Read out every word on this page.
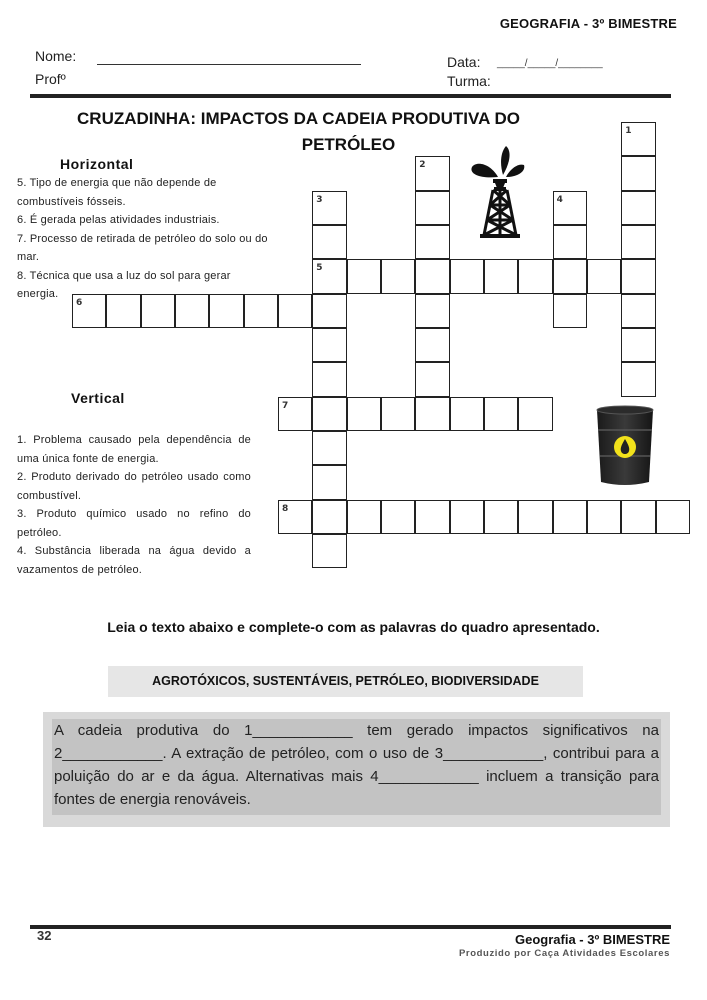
GEOGRAFIA - 3º BIMESTRE
Nome:
Profº
Data: _____/_____/________
Turma:
CRUZADINHA: IMPACTOS DA CADEIA PRODUTIVA DO
PETRÓLEO
Horizontal
5. Tipo de energia que não depende de combustíveis fósseis.
6. É gerada pelas atividades industriais.
7. Processo de retirada de petróleo do solo ou do mar.
8. Técnica que usa a luz do sol para gerar energia.
Vertical
1. Problema causado pela dependência de uma única fonte de energia.
2. Produto derivado do petróleo usado como combustível.
3. Produto químico usado no refino do petróleo.
4. Substância liberada na água devido a vazamentos de petróleo.
1
2
3
5
4
6
7
8
Leia o texto abaixo e complete-o com as palavras do quadro apresentado.
AGROTÓXICOS, SUSTENTÁVEIS, PETRÓLEO, BIODIVERSIDADE
A cadeia produtiva do 1____________ tem gerado impactos significativos na 2____________. A extração de petróleo, com o uso de 3____________, contribui para a poluição do ar e da água. Alternativas mais 4____________ incluem a transição para fontes de energia renováveis.
32	Geografia - 3º BIMESTRE
Produzido por Caça Atividades Escolares
